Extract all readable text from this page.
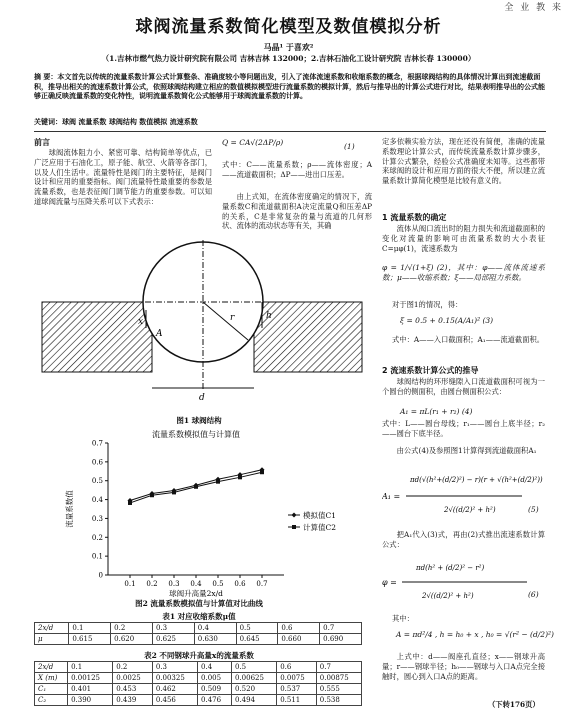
全 业 教 来
球阀流量系数简化模型及数值模拟分析
马晶¹ 于喜欢²
（1.吉林市燃气热力设计研究院有限公司 吉林吉林 132000；2.吉林石油化工设计研究院 吉林长春 130000）
摘 要：本文首先以传统的流量系数计算公式计算整条、准确度较小等问题出发，引入了流体流速系数和收缩系数的概念，根据球阀结构的具体情况计算出到流速截面积，推导出相关的流速系数计算公式，依照球阀结构建立相应的数值模拟模型进行流量系数的模拟计算，然后与推导出的计算公式进行对比，结果表明推导出的公式能够正确反映流量系数的变化特性，说明流量系数简化公式能够用于球阀流量系数的计算。
关键词：球阀 流量系数 球阀结构 数值模拟 流速系数
前言
球阀流体阻力小、紧密可靠、结构简单等优点，已广泛应用于石油化工，原子能、航空、火箭等各部门，以及人们生活中。流量特性是阀门的主要特征，是阀门设计和应用的重要指标。阀门流量特性最重要的参数是流量系数，也是表征阀门调节能力的重要参数。可以知道球阀流量与压降关系可以下式表示：
Q = CA√(2ΔP/ρ)	(1)
式中：C——流量系数；ρ——流体密度；A——流道截面积；ΔP——进出口压差。
由上式知，在流体密度确定的情况下，流量系数C和流道截面积A决定流量Q和压差ΔP的关系，C是非常复杂的量与流道的几何形状、流体的流动状态等有关，其确
h
r
x
A
d
图1 球阀结构
流量系数模拟值与计算值
0
0.1
0.2
0.3
0.4
0.5
0.6
0.7
0.1 0.2 0.3 0.4 0.5 0.6 0.7
球阀升高量2x/d
流量系数值	模拟值C1
计算值C2
图2 流量系数模拟值与计算值对比曲线
表1 对应收缩系数μ值
2x/d	0.1	0.2	0.3	0.4	0.5	0.6	0.7
μ	0.615	0.620	0.625	0.630	0.645	0.660	0.690
表2 不同钢球升高量x的流量系数
2x/d	0.1	0.2	0.3	0.4	0.5	0.6	0.7
X (m)	0.00125	0.0025	0.00325	0.005	0.00625	0.0075	0.00875
C₁	0.401	0.453	0.462	0.509	0.520	0.537	0.555
C₂	0.390	0.439	0.456	0.476	0.494	0.511	0.538
定多依赖实验方法，现在还没有简便，准确的流量系数理论计算公式，而传统流量系数计算步骤多，计算公式繁杂，经验公式准确度未知等。这些都带来球阀的设计和应用方面的很大不便，所以建立流量系数计算简化模型是比较有意义的。
1 流量系数的确定
流体从阀口流出时的阻力损失和流道截面积的变化对流量的影响可由流量系数的大小表征C=μφ(1)，流速系数为
φ = 1/√(1+ξ) (2)，其中：φ——流体流速系数；μ——收缩系数；ξ——局部阻力系数。
对于图1的情况，得：
ξ = 0.5 + 0.15(A/A₁)² (3)
式中：A——入口截面积；A₁——流道截面积。
2 流速系数计算公式的推导
球阀结构的环形缝隙入口流道截面积可视为一个圆台的侧面积，由圆台侧面积公式：
A₁ = πL(r₁ + r₂) (4)
式中：L——圆台母线；r₁——圆台上底半径；r₂——圆台下底半径。
由公式(4)及参照图1计算得到流道截面积A₁
A₁ =
πd(√(h²+(d/2)²) − r)(r + √(h²+(d/2)²))
2√((d/2)² + h²)	(5)
把A₁代入(3)式，再由(2)式推出流速系数计算公式：
φ =
πd(h² + (d/2)² − r²)
2√((d/2)² + h²)	(6)
其中：
A = πd²/4 , h = h₀ + x , h₀ = √(r² − (d/2)²)
上式中：d——阀座孔直径；x——钢球升高量；r——钢球半径；h₀——钢球与入口A点完全接触时，圆心到入口A点的距离。
（下转176页）
